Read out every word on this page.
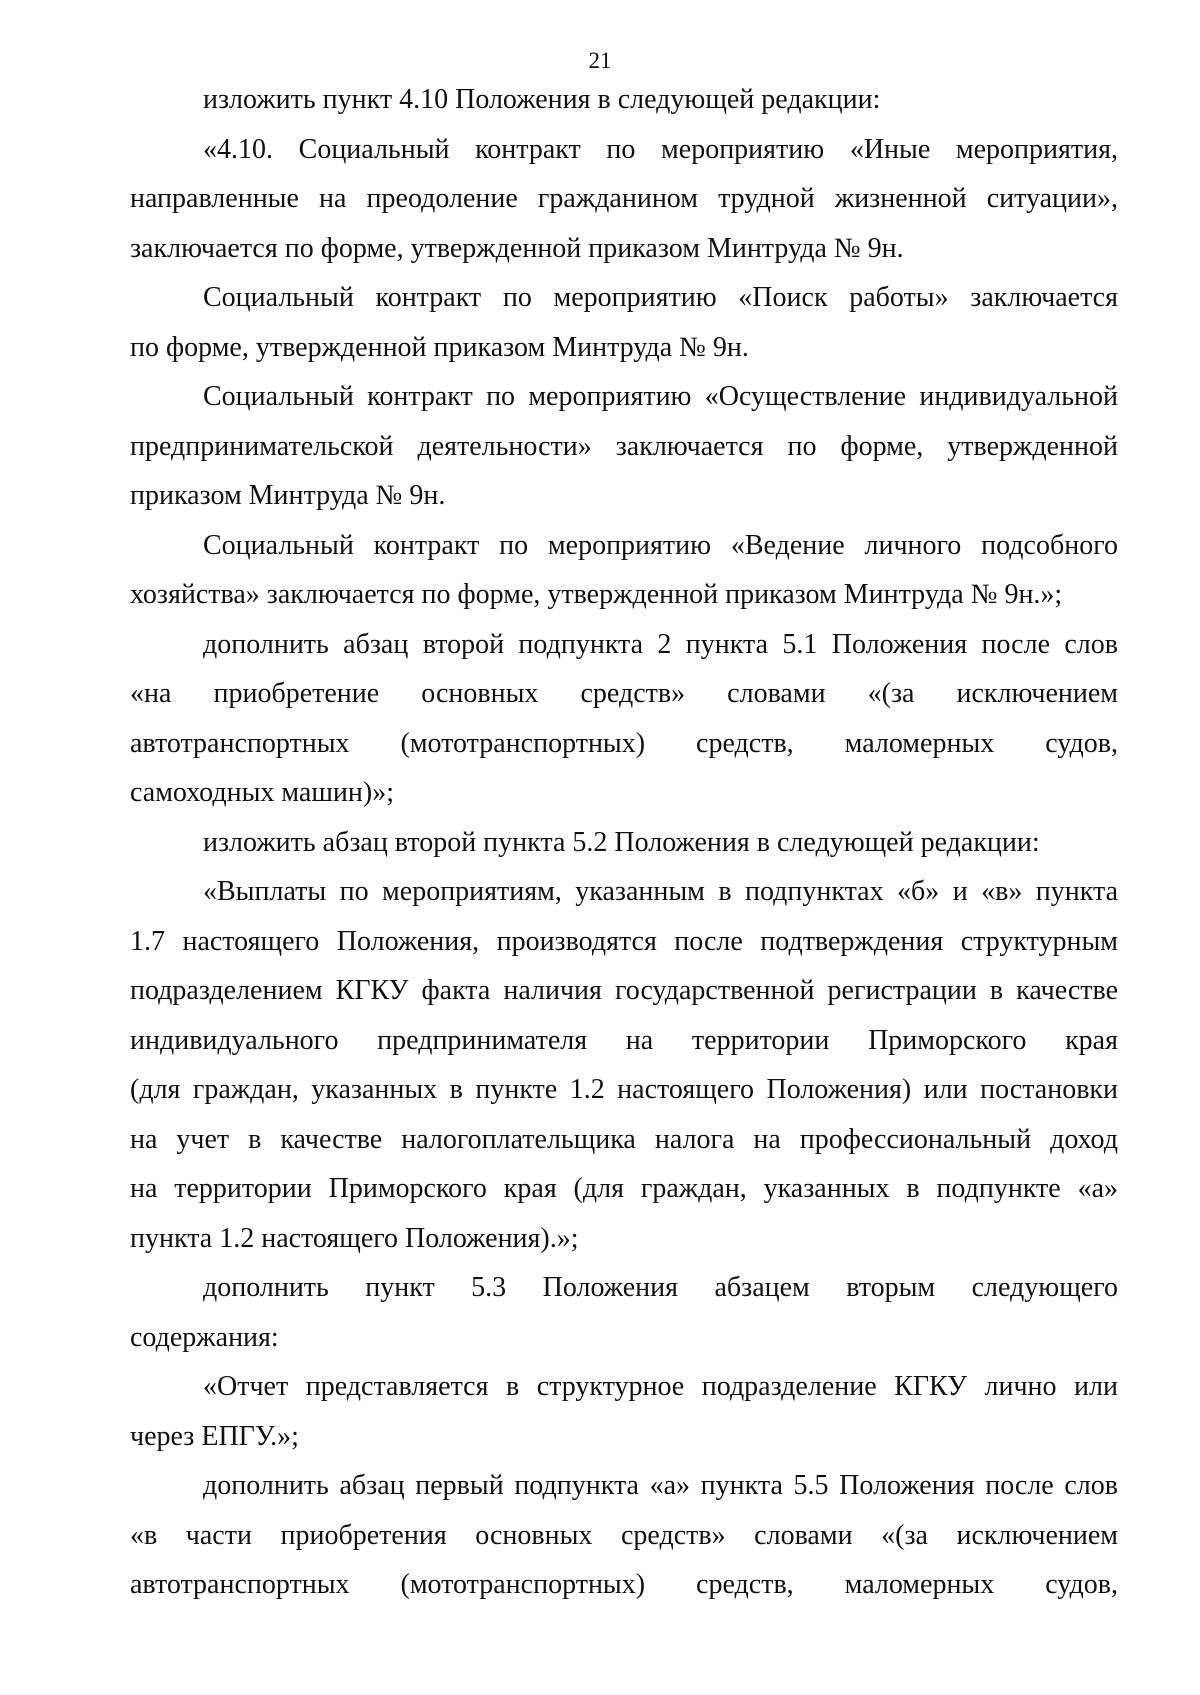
21

изложить пункт 4.10 Положения в следующей редакции:

«4.10. Социальный контракт по мероприятию «Иные мероприятия,
направленные на преодоление гражданином трудной жизненной ситуации»,
заключается по форме, утвержденной приказом Минтруда № 9н.

Социальный контракт по мероприятию «Поиск работы» заключается
по форме, утвержденной приказом Минтруда № 9н.

Социальный контракт по мероприятию «Осуществление индивидуальной
предпринимательской деятельности» заключается по форме, утвержденной
приказом Минтруда № 9н.

Социальный контракт по мероприятию «Ведение личного подсобного
хозяйства» заключается по форме, утвержденной приказом Минтруда № 9н.»;

дополнить абзац второй подпункта 2 пункта 5.1 Положения после слов
«на приобретение основных средств» словами «(за исключением
автотранспортных (мототранспортных) средств, маломерных судов,
самоходных машин)»;

изложить абзац второй пункта 5.2 Положения в следующей редакции:

«Выплаты по мероприятиям, указанным в подпунктах «б» и «в» пункта
1.7 настоящего Положения, производятся после подтверждения структурным
подразделением КГКУ факта наличия государственной регистрации в качестве
индивидуального предпринимателя на территории Приморского края
(для граждан, указанных в пункте 1.2 настоящего Положения) или постановки
на учет в качестве налогоплательщика налога на профессиональный доход
на территории Приморского края (для граждан, указанных в подпункте «а»
пункта 1.2 настоящего Положения).»;

дополнить пункт 5.3 Положения абзацем вторым следующего
содержания:

«Отчет представляется в структурное подразделение КГКУ лично или
через ЕПГУ.»;

дополнить абзац первый подпункта «а» пункта 5.5 Положения после слов
«в части приобретения основных средств» словами «(за исключением
автотранспортных (мототранспортных) средств, маломерных судов,
